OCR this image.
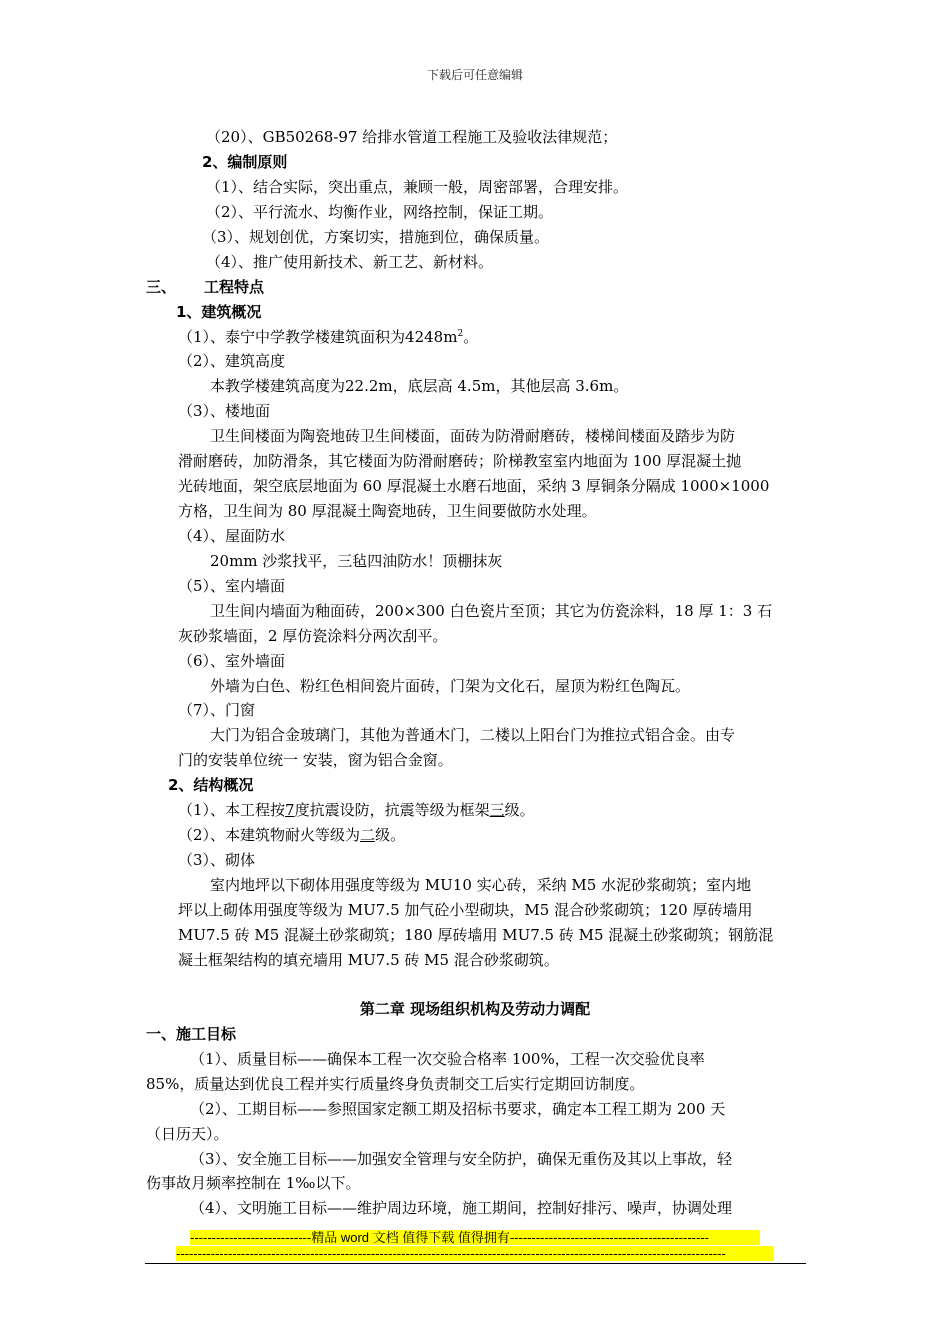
下载后可任意编辑
（20）、GB50268-97 给排水管道工程施工及验收法律规范；
2、编制原则
（1）、结合实际，突出重点，兼顾一般，周密部署，合理安排。
（2）、平行流水、均衡作业，网络控制，保证工期。
（3）、规划创优，方案切实，措施到位，确保质量。
（4）、推广使用新技术、新工艺、新材料。
三、 工程特点
1、建筑概况
（1）、泰宁中学教学楼建筑面积为$4248m^2$。
（2）、建筑高度
本教学楼建筑高度为22.2m，底层高 4.5m，其他层高 3.6m。
（3）、楼地面
卫生间楼面为陶瓷地砖卫生间楼面，面砖为防滑耐磨砖，楼梯间楼面及踏步为防
滑耐磨砖，加防滑条，其它楼面为防滑耐磨砖；阶梯教室室内地面为 100 厚混凝土抛
光砖地面，架空底层地面为 60 厚混凝土水磨石地面，采纳 3 厚铜条分隔成 1000×1000
方格，卫生间为 80 厚混凝土陶瓷地砖，卫生间要做防水处理。
（4）、屋面防水
20mm 沙浆找平，三毡四油防水！顶棚抹灰
（5）、室内墙面
卫生间内墙面为釉面砖，200×300 白色瓷片至顶；其它为仿瓷涂料，18 厚 1：3 石
灰砂浆墙面，2 厚仿瓷涂料分两次刮平。
（6）、室外墙面
外墙为白色、粉红色相间瓷片面砖，门架为文化石，屋顶为粉红色陶瓦。
（7）、门窗
大门为铝合金玻璃门，其他为普通木门，二楼以上阳台门为推拉式铝合金。由专
门的安装单位统一 安装，窗为铝合金窗。
2、结构概况
（1）、本工程按7度抗震设防，抗震等级为框架三级。
（2）、本建筑物耐火等级为二级。
（3）、砌体
室内地坪以下砌体用强度等级为 MU10 实心砖，采纳 M5 水泥砂浆砌筑；室内地
坪以上砌体用强度等级为 MU7.5 加气砼小型砌块，M5 混合砂浆砌筑；120 厚砖墙用
MU7.5 砖 M5 混凝土砂浆砌筑；180 厚砖墙用 MU7.5 砖 M5 混凝土砂浆砌筑；钢筋混
凝土框架结构的填充墙用 MU7.5 砖 M5 混合砂浆砌筑。
第二章 现场组织机构及劳动力调配
一、施工目标
（1）、质量目标——确保本工程一次交验合格率 100%，工程一次交验优良率
85%，质量达到优良工程并实行质量终身负责制交工后实行定期回访制度。
（2）、工期目标——参照国家定额工期及招标书要求，确定本工程工期为 200 天
（日历天）。
（3）、安全施工目标——加强安全管理与安全防护，确保无重伤及其以上事故，轻
伤事故月频率控制在 1‰以下。
（4）、文明施工目标——维护周边环境，施工期间，控制好排污、噪声，协调处理
----------------------------精品 word 文档 值得下载 值得拥有----------------------------------------------
-------------------------------------------------------------------------------------------------------------------------------
